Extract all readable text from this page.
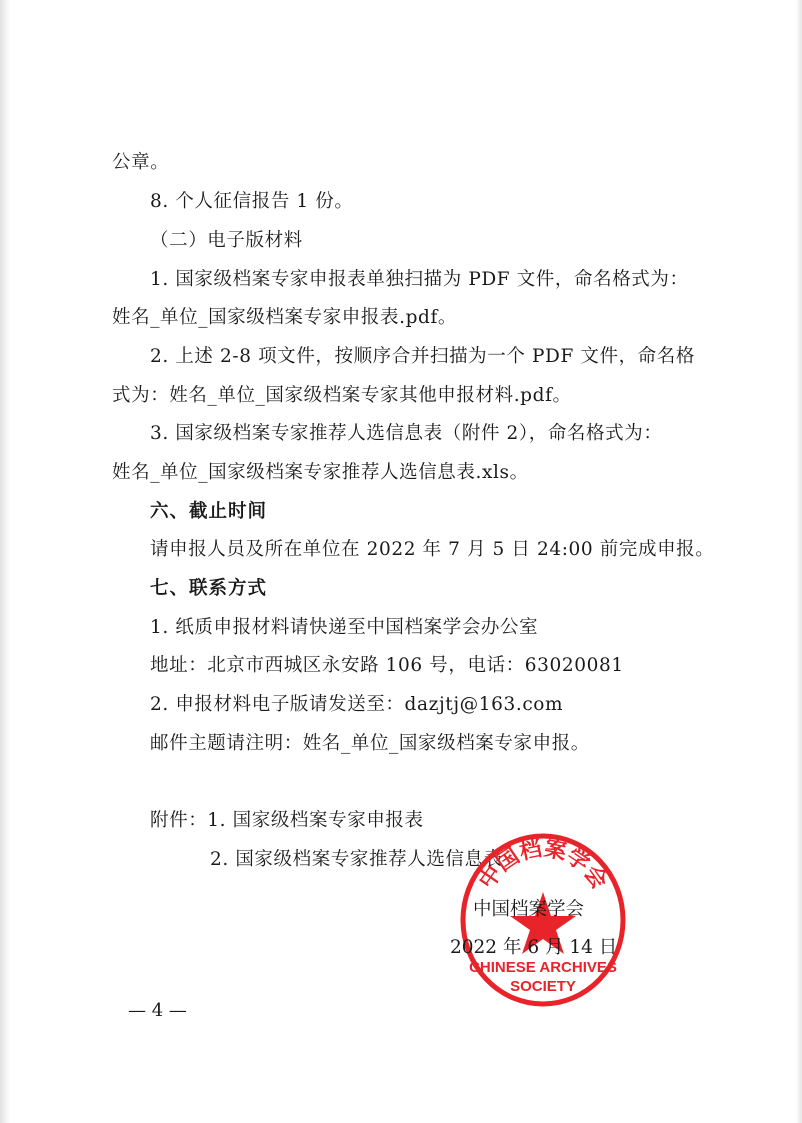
公章。
8. 个人征信报告 1 份。
（二）电子版材料
1. 国家级档案专家申报表单独扫描为 PDF 文件，命名格式为：
姓名_单位_国家级档案专家申报表.pdf。
2. 上述 2-8 项文件，按顺序合并扫描为一个 PDF 文件，命名格
式为：姓名_单位_国家级档案专家其他申报材料.pdf。
3. 国家级档案专家推荐人选信息表（附件 2），命名格式为：
姓名_单位_国家级档案专家推荐人选信息表.xls。
六、截止时间
请申报人员及所在单位在 2022 年 7 月 5 日 24:00 前完成申报。
七、联系方式
1. 纸质申报材料请快递至中国档案学会办公室
地址：北京市西城区永安路 106 号，电话：63020081
2. 申报材料电子版请发送至：dazjtj@163.com
邮件主题请注明：姓名_单位_国家级档案专家申报。
附件：1. 国家级档案专家申报表
2. 国家级档案专家推荐人选信息表
中国档案学会
CHINESE ARCHIVES
SOCIETY
中国档案学会
2022 年 6 月 14 日
— 4 —
